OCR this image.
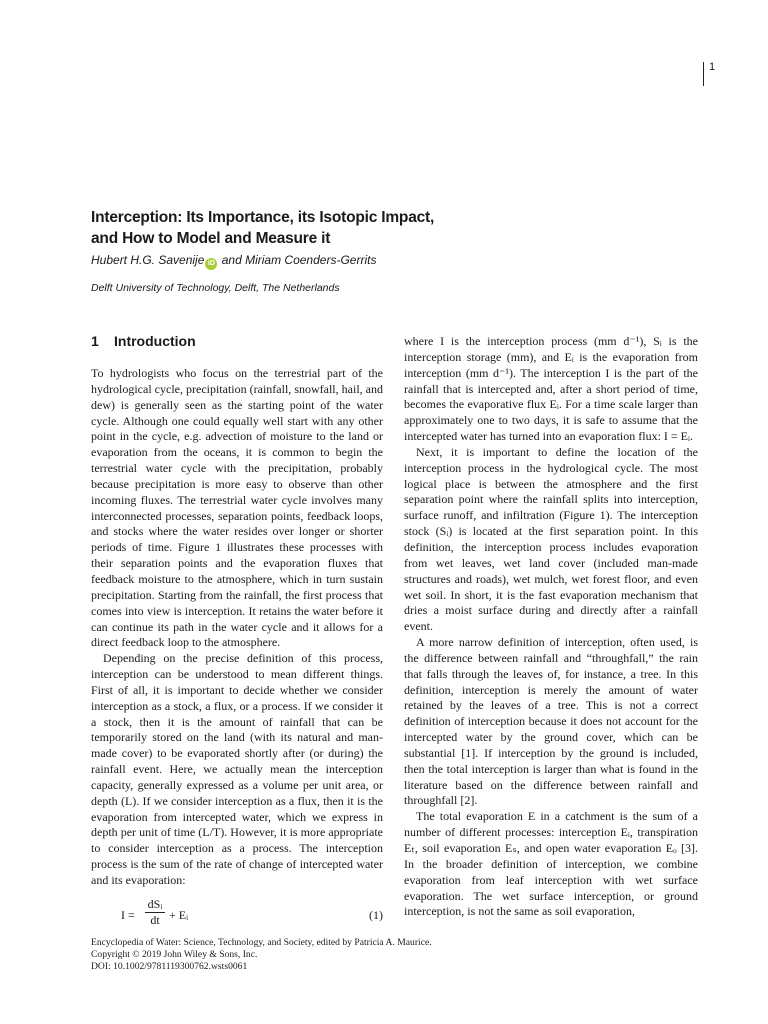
1
Interception: Its Importance, its Isotopic Impact,
and How to Model and Measure it
Hubert H.G. Savenije iD and Miriam Coenders-Gerrits
Delft University of Technology, Delft, The Netherlands
1 Introduction

To hydrologists who focus on the terrestrial part of the hydrological cycle, precipitation (rainfall, snowfall, hail, and dew) is generally seen as the starting point of the water cycle. Although one could equally well start with any other point in the cycle, e.g. advection of moisture to the land or evaporation from the oceans, it is common to begin the terrestrial water cycle with the precipitation, probably because precipitation is more easy to observe than other incoming fluxes. The terrestrial water cycle involves many interconnected processes, separation points, feedback loops, and stocks where the water resides over longer or shorter periods of time. Figure 1 illustrates these processes with their separation points and the evaporation fluxes that feedback moisture to the atmosphere, which in turn sustain precipitation. Starting from the rainfall, the first process that comes into view is interception. It retains the water before it can continue its path in the water cycle and it allows for a direct feedback loop to the atmosphere.

Depending on the precise definition of this process, interception can be understood to mean different things. First of all, it is important to decide whether we consider interception as a stock, a flux, or a process. If we consider it a stock, then it is the amount of rainfall that can be temporarily stored on the land (with its natural and man-made cover) to be evaporated shortly after (or during) the rainfall event. Here, we actually mean the interception capacity, generally expressed as a volume per unit area, or depth (L). If we consider interception as a flux, then it is the evaporation from intercepted water, which we express in depth per unit of time (L/T). However, it is more appropriate to consider interception as a process. The interception process is the sum of the rate of change of intercepted water and its evaporation:

I =
dSᵢ
dt + Eᵢ	(1)

where I is the interception process (mm d⁻¹), Sᵢ is the interception storage (mm), and Eᵢ is the evaporation from interception (mm d⁻¹). The interception I is the part of the rainfall that is intercepted and, after a short period of time, becomes the evaporative flux Eᵢ. For a time scale larger than approximately one to two days, it is safe to assume that the intercepted water has turned into an evaporation flux: I = Eᵢ.

Next, it is important to define the location of the interception process in the hydrological cycle. The most logical place is between the atmosphere and the first separation point where the rainfall splits into interception, surface runoff, and infiltration (Figure 1). The interception stock (Sᵢ) is located at the first separation point. In this definition, the interception process includes evaporation from wet leaves, wet land cover (included man-made structures and roads), wet mulch, wet forest floor, and even wet soil. In short, it is the fast evaporation mechanism that dries a moist surface during and directly after a rainfall event.

A more narrow definition of interception, often used, is the difference between rainfall and “throughfall,” the rain that falls through the leaves of, for instance, a tree. In this definition, interception is merely the amount of water retained by the leaves of a tree. This is not a correct definition of interception because it does not account for the intercepted water by the ground cover, which can be substantial [1]. If interception by the ground is included, then the total interception is larger than what is found in the literature based on the difference between rainfall and throughfall [2].

The total evaporation E in a catchment is the sum of a number of different processes: interception Eᵢ, transpiration Eₜ, soil evaporation Eₛ, and open water evaporation Eₒ [3]. In the broader definition of interception, we combine evaporation from leaf interception with wet surface evaporation. The wet surface interception, or ground interception, is not the same as soil evaporation,

Encyclopedia of Water: Science, Technology, and Society, edited by Patricia A. Maurice.
Copyright © 2019 John Wiley & Sons, Inc.
DOI: 10.1002/9781119300762.wsts0061
